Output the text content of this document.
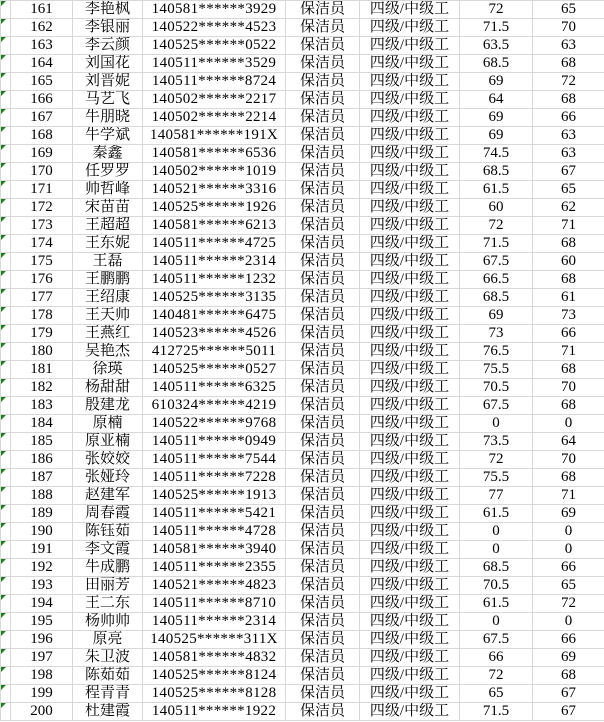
	161	李艳枫	140581******3929	保洁员	四级/中级工	72	65

	162	李银丽	140522******4523	保洁员	四级/中级工	71.5	70

	163	李云颜	140525******0522	保洁员	四级/中级工	63.5	63

	164	刘国花	140511******3529	保洁员	四级/中级工	68.5	68

	165	刘晋妮	140511******8724	保洁员	四级/中级工	69	72

	166	马艺飞	140502******2217	保洁员	四级/中级工	64	68

	167	牛朋晓	140502******2214	保洁员	四级/中级工	69	66

	168	牛学斌	140581******191X	保洁员	四级/中级工	69	63

	169	秦鑫	140581******6536	保洁员	四级/中级工	74.5	63

	170	任罗罗	140502******1019	保洁员	四级/中级工	68.5	67

	171	帅哲峰	140521******3316	保洁员	四级/中级工	61.5	65

	172	宋苗苗	140525******1926	保洁员	四级/中级工	60	62

	173	王超超	140581******6213	保洁员	四级/中级工	72	71

	174	王东妮	140511******4725	保洁员	四级/中级工	71.5	68

	175	王磊	140511******2314	保洁员	四级/中级工	67.5	60

	176	王鹏鹏	140511******1232	保洁员	四级/中级工	66.5	68

	177	王绍康	140525******3135	保洁员	四级/中级工	68.5	61

	178	王天帅	140481******6475	保洁员	四级/中级工	69	73

	179	王燕红	140523******4526	保洁员	四级/中级工	73	66

	180	吴艳杰	412725******5011	保洁员	四级/中级工	76.5	71

	181	徐瑛	140525******0527	保洁员	四级/中级工	75.5	68

	182	杨甜甜	140511******6325	保洁员	四级/中级工	70.5	70

	183	殷建龙	610324******4219	保洁员	四级/中级工	67.5	68

	184	原楠	140522******9768	保洁员	四级/中级工	0	0

	185	原亚楠	140511******0949	保洁员	四级/中级工	73.5	64

	186	张姣姣	140511******7544	保洁员	四级/中级工	72	70

	187	张娅玲	140511******7228	保洁员	四级/中级工	75.5	68

	188	赵建军	140525******1913	保洁员	四级/中级工	77	71

	189	周春霞	140511******5421	保洁员	四级/中级工	61.5	69

	190	陈钰茹	140511******4728	保洁员	四级/中级工	0	0

	191	李文霞	140581******3940	保洁员	四级/中级工	0	0

	192	牛成鹏	140511******2355	保洁员	四级/中级工	68.5	66

	193	田丽芳	140521******4823	保洁员	四级/中级工	70.5	65

	194	王二东	140511******8710	保洁员	四级/中级工	61.5	72

	195	杨帅帅	140511******2314	保洁员	四级/中级工	0	0

	196	原亮	140525******311X	保洁员	四级/中级工	67.5	66

	197	朱卫波	140581******4832	保洁员	四级/中级工	66	69

	198	陈茹茹	140525******8124	保洁员	四级/中级工	72	68

	199	程青青	140525******8128	保洁员	四级/中级工	65	67

	200	杜建霞	140511******1922	保洁员	四级/中级工	71.5	67
